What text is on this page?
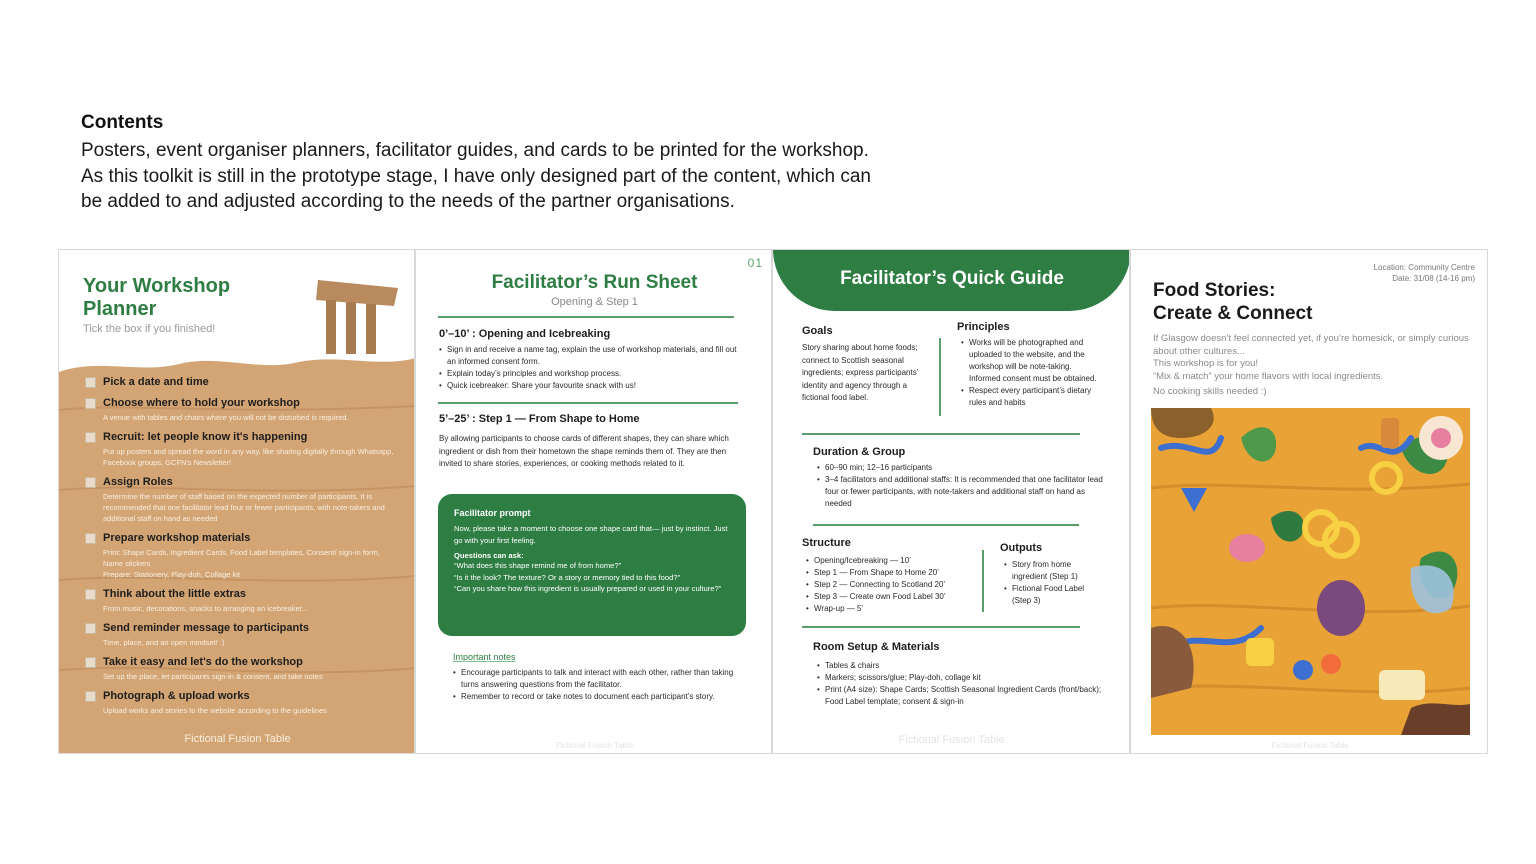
Contents

Posters, event organiser planners, facilitator guides, and cards to be printed for the workshop.

As this toolkit is still in the prototype stage, I have only designed part of the content, which can

be added to and adjusted according to the needs of the partner organisations.

Your Workshop
Planner
Tick the box if you finished!
Pick a date and time
Choose where to hold your workshop
A venue with tables and chairs where you will not be disturbed is required.
Recruit: let people know it's happening
Put up posters and spread the word in any way, like sharing digitally through Whatsapp, Facebook groups, GCFN's Newsletter!
Assign Roles
Determine the number of staff based on the expected number of participants. It is recommended that one facilitator lead four or fewer participants, with note-takers and additional staff on hand as needed
Prepare workshop materials
Print: Shape Cards, Ingredient Cards, Food Label templates, Consent/ sign-in form, Name stickers
Prepare: Stationery, Play-doh, Collage kit
Think about the little extras
From music, decorations, snacks to arranging an icebreaker...
Send reminder message to participants
Time, place, and an open mindset! :)
Take it easy and let's do the workshop
Set up the place, let participants sign-in & consent, and take notes
Photograph & upload works
Upload works and stories to the website according to the guidelines
Fictional Fusion Table
01
Facilitator’s Run Sheet
Opening & Step 1
0’–10’ : Opening and Icebreaking
• Sign in and receive a name tag, explain the use of workshop materials, and fill out an informed consent form.
• Explain today’s principles and workshop process.
• Quick icebreaker: Share your favourite snack with us!
5’–25’ : Step 1 — From Shape to Home
By allowing participants to choose cards of different shapes, they can share which ingredient or dish from their hometown the shape reminds them of. They are then invited to share stories, experiences, or cooking methods related to it.
Facilitator prompt
Now, please take a moment to choose one shape card that— just by instinct. Just go with your first feeling.
Questions can ask:
“What does this shape remind me of from home?”
“Is it the look? The texture? Or a story or memory tied to this food?”
“Can you share how this ingredient is usually prepared or used in your culture?”
Important notes
• Encourage participants to talk and interact with each other, rather than taking turns answering questions from the facilitator.
• Remember to record or take notes to document each participant’s story.
Fictional Fusion Table
Facilitator’s Quick Guide
Goals
Story sharing about home foods; connect to Scottish seasonal ingredients; express participants’ identity and agency through a fictional food label.
Principles
• Works will be photographed and uploaded to the website, and the workshop will be note-taking. Informed consent must be obtained.
• Respect every participant’s dietary rules and habits
Duration & Group
• 60–90 min; 12–16 participants
• 3–4 facilitators and additional staffs: It is recommended that one facilitator lead four or fewer participants, with note-takers and additional staff on hand as needed
Structure
• Opening/Icebreaking — 10’
• Step 1 — From Shape to Home 20’
• Step 2 — Connecting to Scotland 20’
• Step 3 — Create own Food Label 30’
• Wrap-up — 5’
Outputs
• Story from home ingredient (Step 1)
• Fictional Food Label (Step 3)
Room Setup & Materials
• Tables & chairs
• Markers; scissors/glue; Play-doh, collage kit
• Print (A4 size): Shape Cards; Scottish Seasonal Ingredient Cards (front/back); Food Label template; consent & sign-in
Fictional Fusion Table
Location: Community Centre
Date: 31/08 (14-16 pm)
Food Stories:
Create & Connect
If Glasgow doesn’t feel connected yet, if you’re homesick, or simply curious about other cultures...
This workshop is for you!
“Mix & match” your home flavors with local ingredients.
No cooking skills needed :)
Fictional Fusion Table
